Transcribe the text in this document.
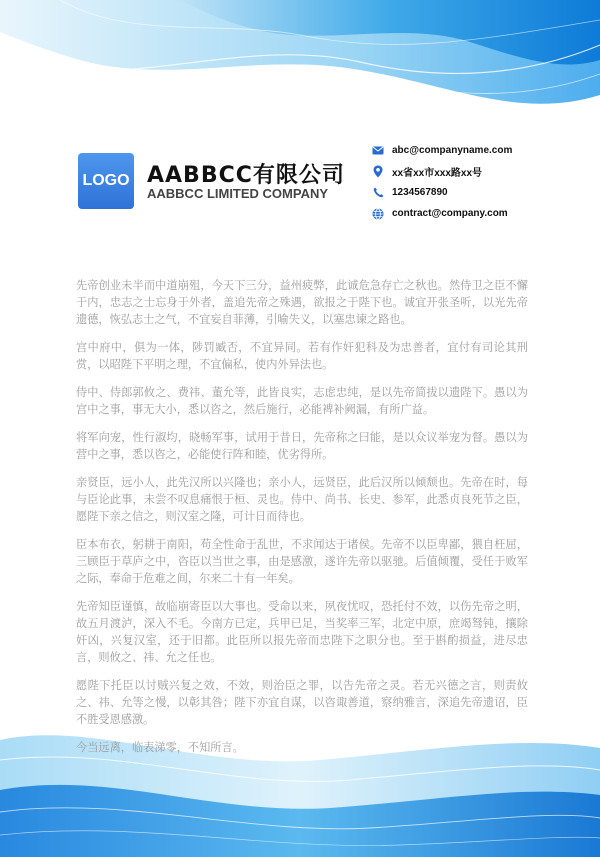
LOGO AABBCC有限公司
AABBCC LIMITED COMPANY
abc@companyname.com
xx省xx市xxx路xx号
1234567890
contract@company.com

先帝创业未半而中道崩殂，今天下三分，益州疲弊，此诚危急存亡之秋也。然侍卫之臣不懈于内，忠志之士忘身于外者，盖追先帝之殊遇，欲报之于陛下也。诚宜开张圣听，以光先帝遗德，恢弘志士之气，不宜妄自菲薄，引喻失义，以塞忠谏之路也。

宫中府中，俱为一体，陟罚臧否，不宜异同。若有作奸犯科及为忠善者，宜付有司论其刑赏，以昭陛下平明之理，不宜偏私，使内外异法也。

侍中、侍郎郭攸之、费祎、董允等，此皆良实，志虑忠纯，是以先帝简拔以遗陛下。愚以为宫中之事，事无大小，悉以咨之，然后施行，必能裨补阙漏，有所广益。

将军向宠，性行淑均，晓畅军事，试用于昔日，先帝称之曰能，是以众议举宠为督。愚以为营中之事，悉以咨之，必能使行阵和睦，优劣得所。

亲贤臣，远小人，此先汉所以兴隆也；亲小人，远贤臣，此后汉所以倾颓也。先帝在时，每与臣论此事，未尝不叹息痛恨于桓、灵也。侍中、尚书、长史、参军，此悉贞良死节之臣，愿陛下亲之信之，则汉室之隆，可计日而待也。

臣本布衣，躬耕于南阳，苟全性命于乱世，不求闻达于诸侯。先帝不以臣卑鄙，猥自枉屈，三顾臣于草庐之中，咨臣以当世之事，由是感激，遂许先帝以驱驰。后值倾覆，受任于败军之际，奉命于危难之间，尔来二十有一年矣。

先帝知臣谨慎，故临崩寄臣以大事也。受命以来，夙夜忧叹，恐托付不效，以伤先帝之明，故五月渡泸，深入不毛。今南方已定，兵甲已足，当奖率三军，北定中原，庶竭驽钝，攘除奸凶，兴复汉室，还于旧都。此臣所以报先帝而忠陛下之职分也。至于斟酌损益，进尽忠言，则攸之、祎、允之任也。

愿陛下托臣以讨贼兴复之效，不效，则治臣之罪，以告先帝之灵。若无兴德之言，则责攸之、祎、允等之慢，以彰其咎；陛下亦宜自谋，以咨诹善道，察纳雅言，深追先帝遗诏，臣不胜受恩感激。

今当远离，临表涕零，不知所言。
